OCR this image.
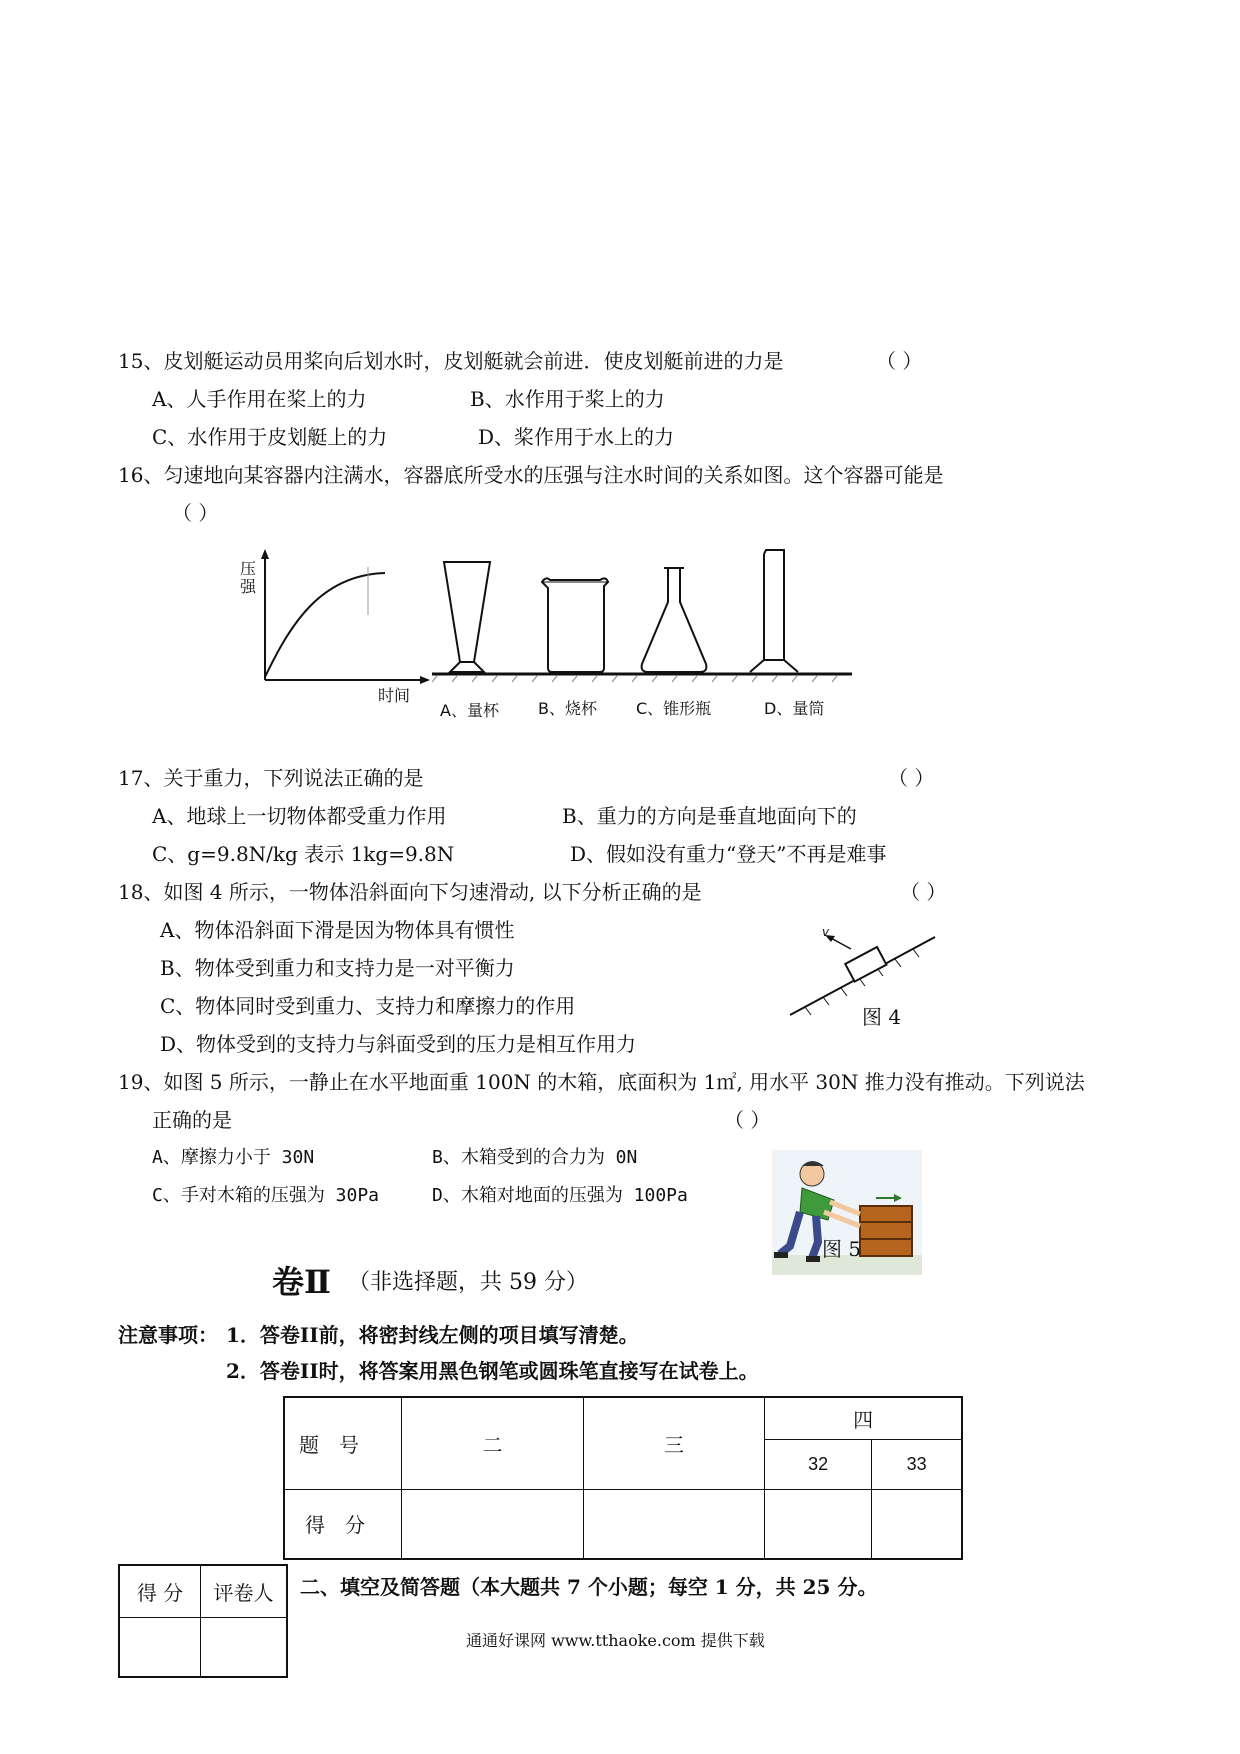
15、皮划艇运动员用桨向后划水时，皮划艇就会前进．使皮划艇前进的力是	（ ）
A、人手作用在桨上的力	B、水作用于桨上的力
C、水作用于皮划艇上的力	D、桨作用于水上的力
16、匀速地向某容器内注满水，容器底所受水的压强与注水时间的关系如图。这个容器可能是
（ ）
压强
时间
A、量杯 B、烧杯 C、锥形瓶	D、量筒
17、关于重力，下列说法正确的是	（ ）
A、地球上一切物体都受重力作用	B、重力的方向是垂直地面向下的
C、g=9.8N/kg 表示 1kg=9.8N	D、假如没有重力“登天”不再是难事
18、如图 4 所示，一物体沿斜面向下匀速滑动, 以下分析正确的是	（ ）
A、物体沿斜面下滑是因为物体具有惯性
B、物体受到重力和支持力是一对平衡力
C、物体同时受到重力、支持力和摩擦力的作用
D、物体受到的支持力与斜面受到的压力是相互作用力
v
图 4
19、如图 5 所示，一静止在水平地面重 100N 的木箱，底面积为 1㎡, 用水平 30N 推力没有推动。下列说法
正确的是	（ ）
A、摩擦力小于 30N	B、木箱受到的合力为 0N
C、手对木箱的压强为 30Pa	D、木箱对地面的压强为 100Pa
图 5
卷Ⅱ （非选择题，共 59 分）
注意事项： 1．答卷II前，将密封线左侧的项目填写清楚。
2．答卷II时，将答案用黑色钢笔或圆珠笔直接写在试卷上。
题　号	二	三	四	
			32	33
得　分				
得 分	评卷人
	二、填空及简答题（本大题共 7 个小题；每空 1 分，共 25 分。
通通好课网 www.tthaoke.com 提供下载
